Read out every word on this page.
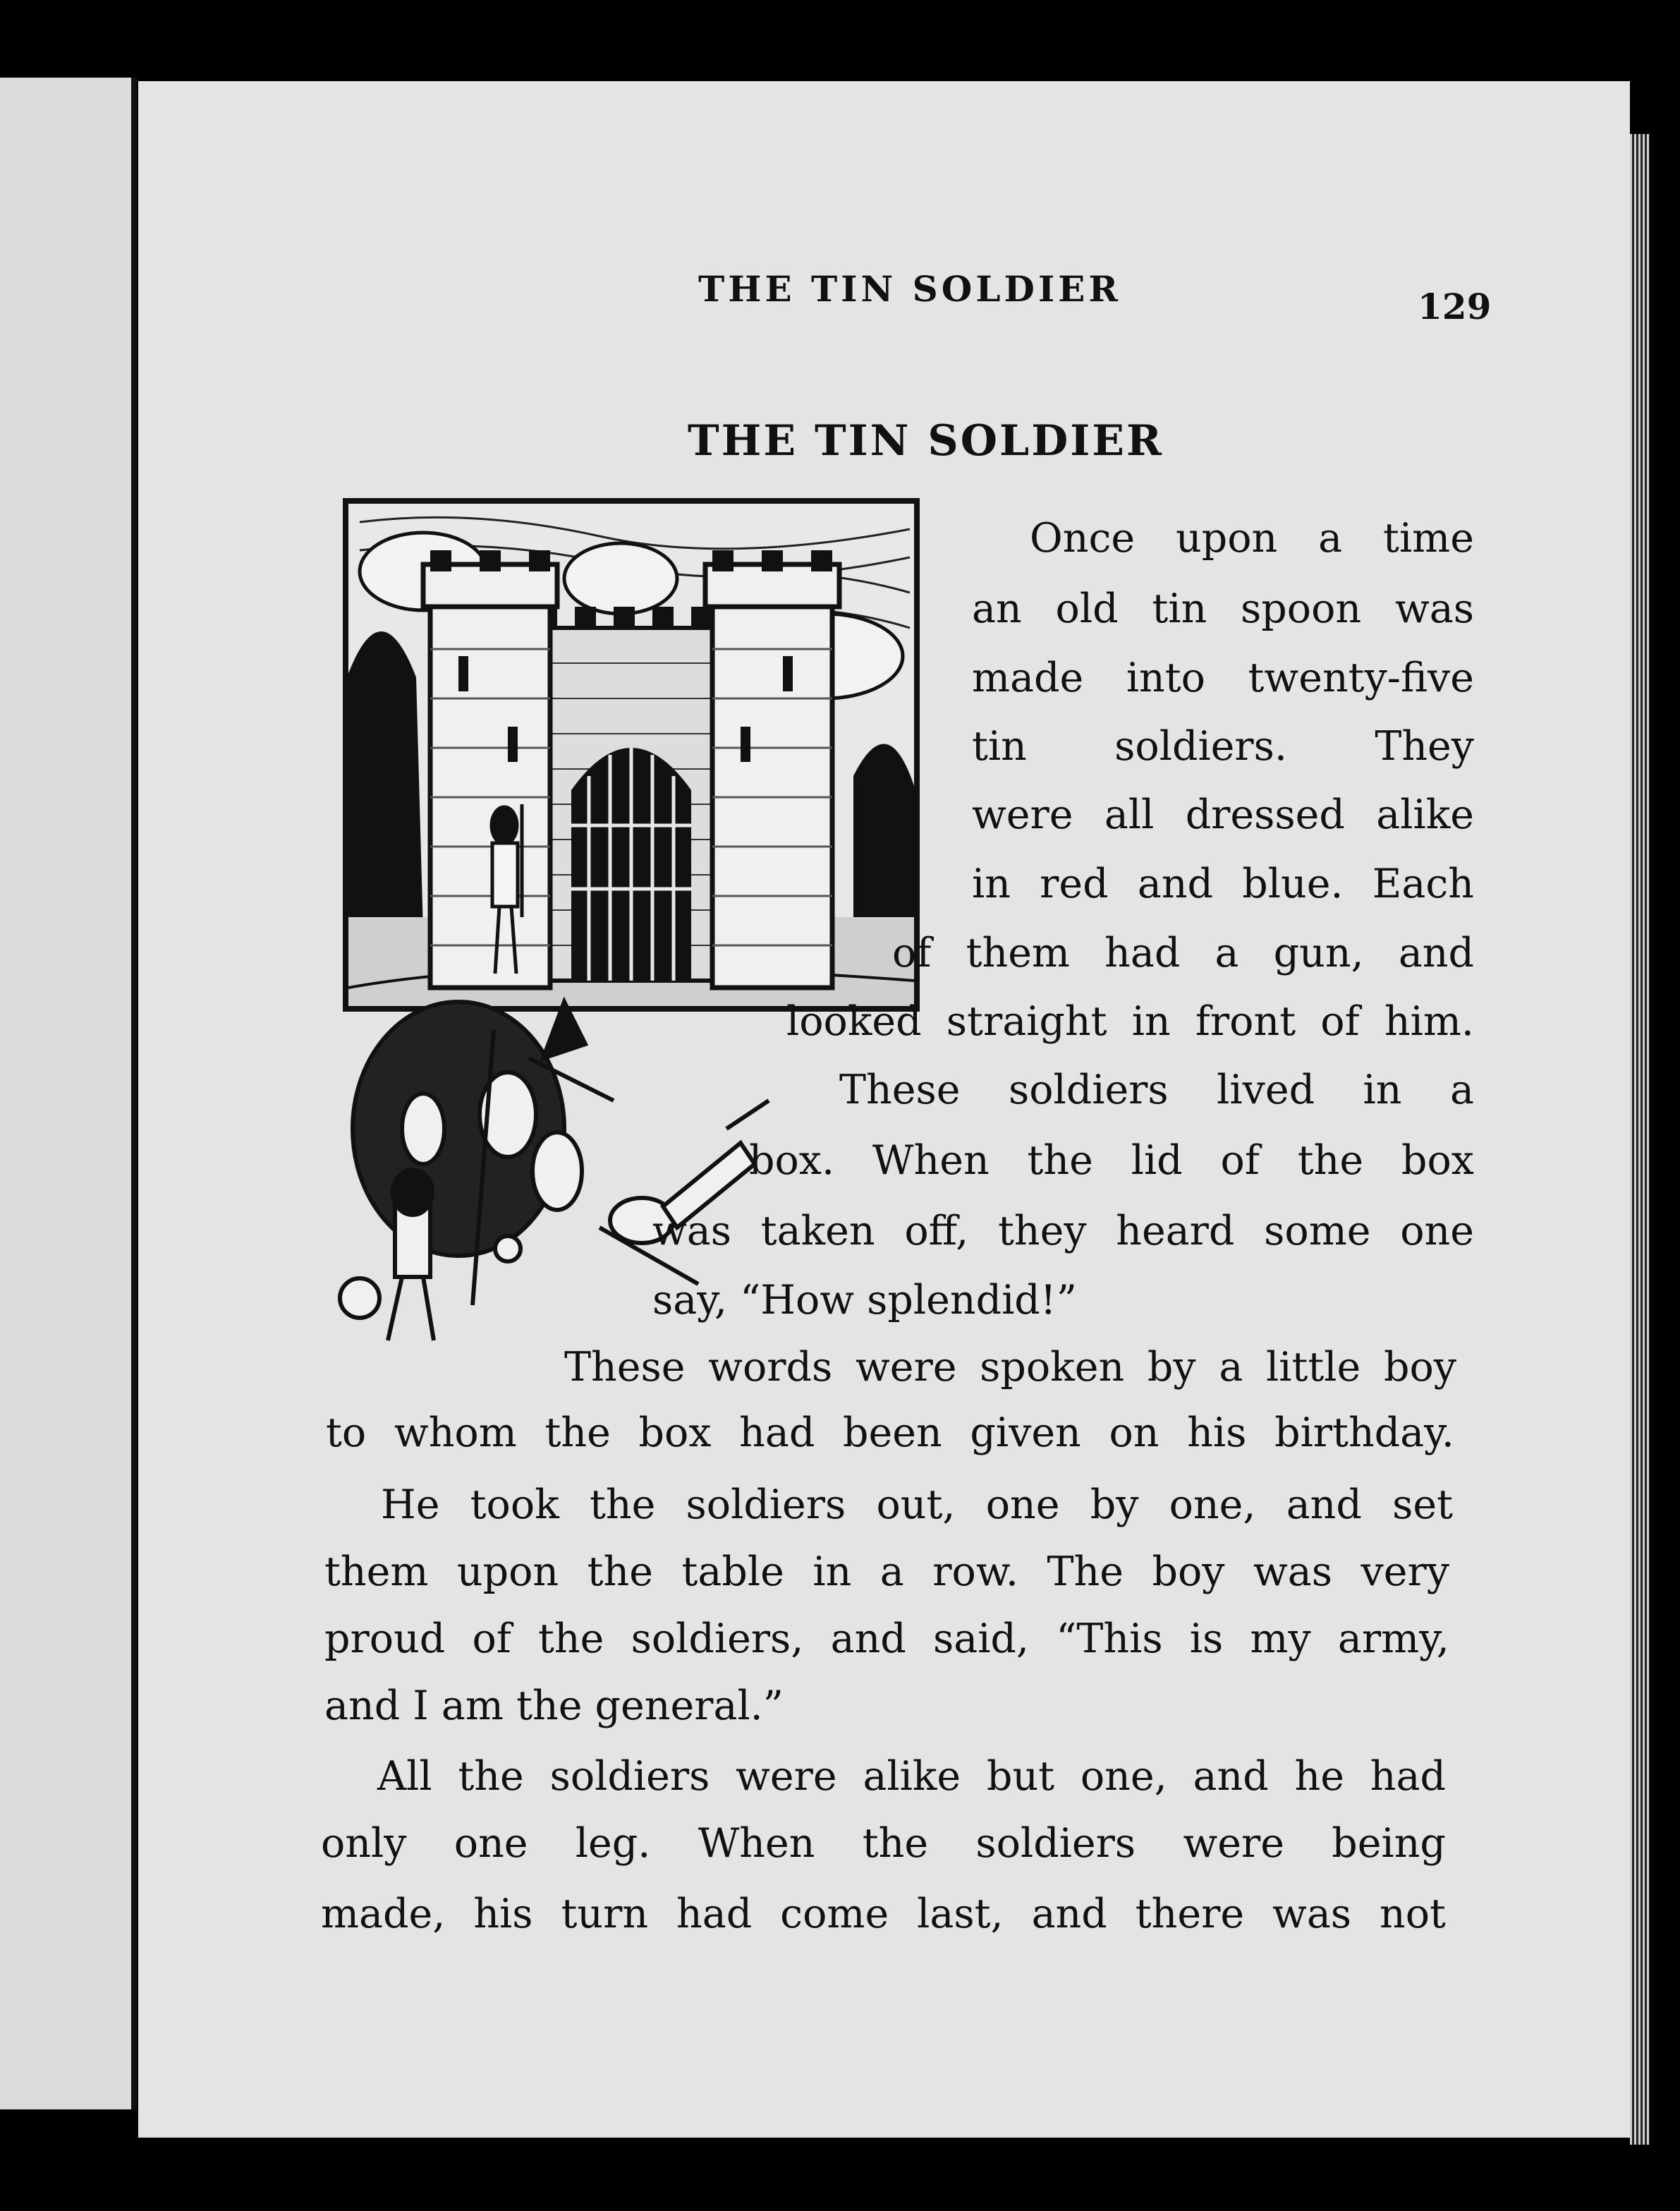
THE TIN SOLDIER	129
THE TIN SOLDIER
Once upon a time
an old tin spoon was
made into twenty-five
tin soldiers. They
were all dressed alike
in red and blue. Each
of them had a gun, and
looked straight in front of him.
These soldiers lived in a
box. When the lid of the box
was taken off, they heard some one
say, “How splendid!”
These words were spoken by a little boy
to whom the box had been given on his birthday.
He took the soldiers out, one by one, and set
them upon the table in a row. The boy was very
proud of the soldiers, and said, “This is my army,
and I am the general.”
All the soldiers were alike but one, and he had
only one leg. When the soldiers were being
made, his turn had come last, and there was not
